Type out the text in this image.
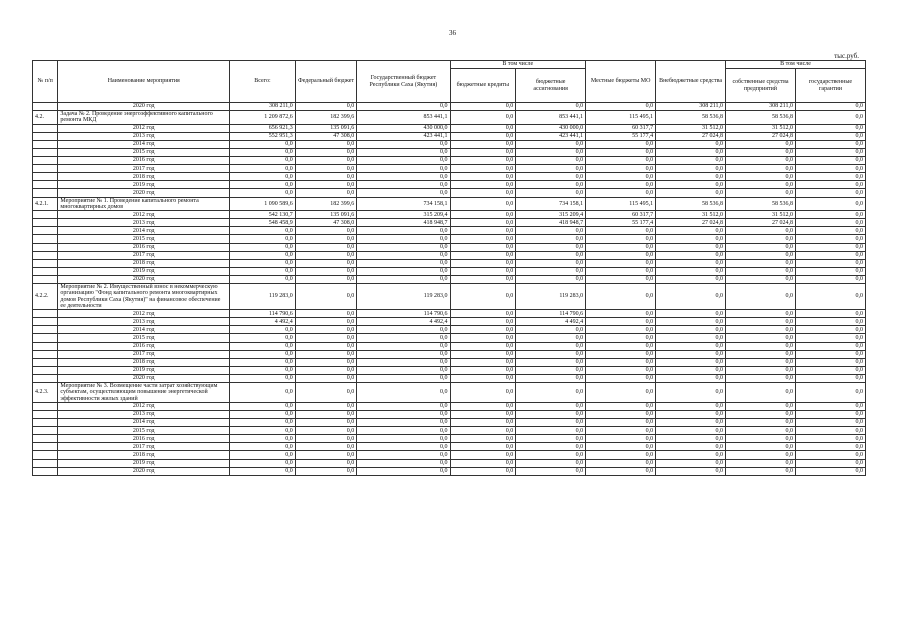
36
тыс.руб.
№ п/п	Наименование мероприятия	Всего:	Федеральный бюджет	Государственный бюджет Республики Саха (Якутия)	В том числе		Местные бюджеты МО	Внебюджетные средства	В том числе	
					бюджетные кредиты	бюджетные ассигнования			собственные средства предприятий	государственные гарантии
	2020 год	308 211,0	0,0	0,0	0,0	0,0	0,0	308 211,0	308 211,0	0,0
4.2.	Задача № 2. Проведение энергоэффективного капитального ремонта МКД	1 209 872,6	182 399,6	853 441,1	0,0	853 441,1	115 495,1	58 536,8	58 536,8	0,0
	2012 год	656 921,3	135 091,6	430 000,0	0,0	430 000,0	60 317,7	31 512,0	31 512,0	0,0
	2013 год	552 951,3	47 308,0	423 441,1	0,0	423 441,1	55 177,4	27 024,8	27 024,8	0,0
	2014 год	0,0	0,0	0,0	0,0	0,0	0,0	0,0	0,0	0,0
	2015 год	0,0	0,0	0,0	0,0	0,0	0,0	0,0	0,0	0,0
	2016 год	0,0	0,0	0,0	0,0	0,0	0,0	0,0	0,0	0,0
	2017 год	0,0	0,0	0,0	0,0	0,0	0,0	0,0	0,0	0,0
	2018 год	0,0	0,0	0,0	0,0	0,0	0,0	0,0	0,0	0,0
	2019 год	0,0	0,0	0,0	0,0	0,0	0,0	0,0	0,0	0,0
	2020 год	0,0	0,0	0,0	0,0	0,0	0,0	0,0	0,0	0,0
4.2.1.	Мероприятие № 1. Проведение капитального ремонта многоквартирных домов	1 090 589,6	182 399,6	734 158,1	0,0	734 158,1	115 495,1	58 536,8	58 536,8	0,0
	2012 год	542 130,7	135 091,6	315 209,4	0,0	315 209,4	60 317,7	31 512,0	31 512,0	0,0
	2013 год	548 458,9	47 308,0	418 948,7	0,0	418 948,7	55 177,4	27 024,8	27 024,8	0,0
	2014 год	0,0	0,0	0,0	0,0	0,0	0,0	0,0	0,0	0,0
	2015 год	0,0	0,0	0,0	0,0	0,0	0,0	0,0	0,0	0,0
	2016 год	0,0	0,0	0,0	0,0	0,0	0,0	0,0	0,0	0,0
	2017 год	0,0	0,0	0,0	0,0	0,0	0,0	0,0	0,0	0,0
	2018 год	0,0	0,0	0,0	0,0	0,0	0,0	0,0	0,0	0,0
	2019 год	0,0	0,0	0,0	0,0	0,0	0,0	0,0	0,0	0,0
	2020 год	0,0	0,0	0,0	0,0	0,0	0,0	0,0	0,0	0,0
4.2.2.	Мероприятие № 2. Имущественный взнос в некоммерческую организацию "Фонд капитального ремонта многоквартирных домов Республики Саха (Якутия)" на финансовое обеспечение ее деятельности	119 283,0	0,0	119 283,0	0,0	119 283,0	0,0	0,0	0,0	0,0
	2012 год	114 790,6	0,0	114 790,6	0,0	114 790,6	0,0	0,0	0,0	0,0
	2013 год	4 492,4	0,0	4 492,4	0,0	4 492,4	0,0	0,0	0,0	0,0
	2014 год	0,0	0,0	0,0	0,0	0,0	0,0	0,0	0,0	0,0
	2015 год	0,0	0,0	0,0	0,0	0,0	0,0	0,0	0,0	0,0
	2016 год	0,0	0,0	0,0	0,0	0,0	0,0	0,0	0,0	0,0
	2017 год	0,0	0,0	0,0	0,0	0,0	0,0	0,0	0,0	0,0
	2018 год	0,0	0,0	0,0	0,0	0,0	0,0	0,0	0,0	0,0
	2019 год	0,0	0,0	0,0	0,0	0,0	0,0	0,0	0,0	0,0
	2020 год	0,0	0,0	0,0	0,0	0,0	0,0	0,0	0,0	0,0
4.2.3.	Мероприятие № 3. Возмещение части затрат хозяйствующим субъектам, осуществляющим повышение энергетической эффективности жилых зданий	0,0	0,0	0,0	0,0	0,0	0,0	0,0	0,0	0,0
	2012 год	0,0	0,0	0,0	0,0	0,0	0,0	0,0	0,0	0,0
	2013 год	0,0	0,0	0,0	0,0	0,0	0,0	0,0	0,0	0,0
	2014 год	0,0	0,0	0,0	0,0	0,0	0,0	0,0	0,0	0,0
	2015 год	0,0	0,0	0,0	0,0	0,0	0,0	0,0	0,0	0,0
	2016 год	0,0	0,0	0,0	0,0	0,0	0,0	0,0	0,0	0,0
	2017 год	0,0	0,0	0,0	0,0	0,0	0,0	0,0	0,0	0,0
	2018 год	0,0	0,0	0,0	0,0	0,0	0,0	0,0	0,0	0,0
	2019 год	0,0	0,0	0,0	0,0	0,0	0,0	0,0	0,0	0,0
	2020 год	0,0	0,0	0,0	0,0	0,0	0,0	0,0	0,0	0,0
